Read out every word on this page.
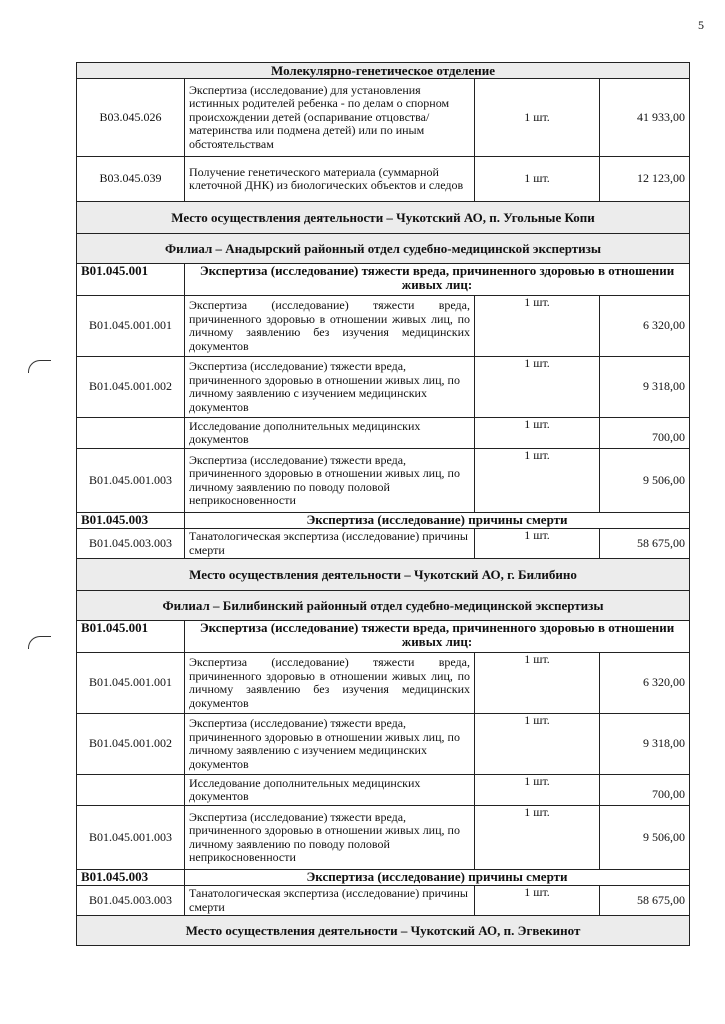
5
Молекулярно-генетическое отделение			
В03.045.026	Экспертиза (исследование) для установления истинных родителей ребенка - по делам о спорном происхождении детей (оспаривание отцовства/материнства или подмена детей) или по иным обстоятельствам	1 шт.	41 933,00
В03.045.039	Получение генетического материала (суммарной клеточной ДНК) из биологических объектов и следов	1 шт.	12 123,00
Место осуществления деятельности – Чукотский АО, п. Угольные Копи			
Филиал – Анадырский районный отдел судебно-медицинской экспертизы			
В01.045.001	Экспертиза (исследование) тяжести вреда, причиненного здоровью в отношении живых лиц:		
В01.045.001.001	Экспертиза (исследование) тяжести вреда, причиненного здоровью в отношении живых лиц, по личному заявлению без изучения медицинских документов	1 шт.	6 320,00
В01.045.001.002	Экспертиза (исследование) тяжести вреда, причиненного здоровью в отношении живых лиц, по личному заявлению с изучением медицинских документов	1 шт.	9 318,00
	Исследование дополнительных медицинских документов	1 шт.	700,00
В01.045.001.003	Экспертиза (исследование) тяжести вреда, причиненного здоровью в отношении живых лиц, по личному заявлению по поводу половой неприкосновенности	1 шт.	9 506,00
В01.045.003	Экспертиза (исследование) причины смерти		
В01.045.003.003	Танатологическая экспертиза (исследование) причины смерти	1 шт.	58 675,00
Место осуществления деятельности – Чукотский АО, г. Билибино			
Филиал – Билибинский районный отдел судебно-медицинской экспертизы			
В01.045.001	Экспертиза (исследование) тяжести вреда, причиненного здоровью в отношении живых лиц:		
В01.045.001.001	Экспертиза (исследование) тяжести вреда, причиненного здоровью в отношении живых лиц, по личному заявлению без изучения медицинских документов	1 шт.	6 320,00
В01.045.001.002	Экспертиза (исследование) тяжести вреда, причиненного здоровью в отношении живых лиц, по личному заявлению с изучением медицинских документов	1 шт.	9 318,00
	Исследование дополнительных медицинских документов	1 шт.	700,00
В01.045.001.003	Экспертиза (исследование) тяжести вреда, причиненного здоровью в отношении живых лиц, по личному заявлению по поводу половой неприкосновенности	1 шт.	9 506,00
В01.045.003	Экспертиза (исследование) причины смерти		
В01.045.003.003	Танатологическая экспертиза (исследование) причины смерти	1 шт.	58 675,00
Место осуществления деятельности – Чукотский АО, п. Эгвекинот			
